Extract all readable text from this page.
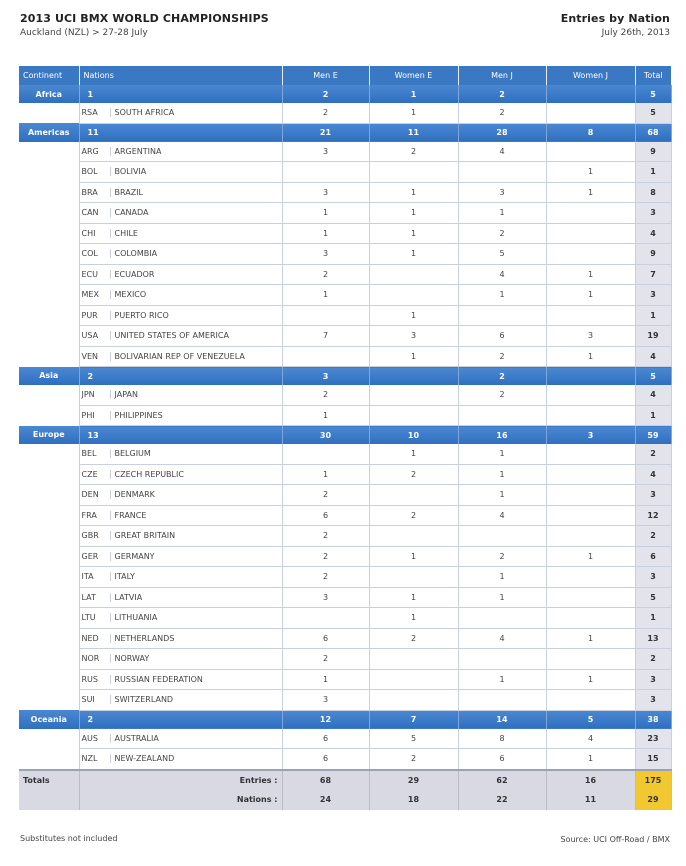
2013 UCI BMX WORLD CHAMPIONSHIPS
Auckland (NZL) > 27-28 July
Entries by Nation
July 26th, 2013
Continent	Nations	Men E	Women E	Men J	Women J	Total
Africa	1	2	1	2		5
	RSA SOUTH AFRICA	2	1	2		5
Americas	11	21	11	28	8	68
	ARG ARGENTINA	3	2	4		9
	BOL BOLIVIA				1	1
	BRA BRAZIL	3	1	3	1	8
	CAN CANADA	1	1	1		3
	CHI CHILE	1	1	2		4
	COL COLOMBIA	3	1	5		9
	ECU ECUADOR	2		4	1	7
	MEX MEXICO	1		1	1	3
	PUR PUERTO RICO		1			1
	USA UNITED STATES OF AMERICA	7	3	6	3	19
	VEN BOLIVARIAN REP OF VENEZUELA		1	2	1	4
Asia	2	3		2		5
	JPN JAPAN	2		2		4
	PHI PHILIPPINES	1				1
Europe	13	30	10	16	3	59
	BEL BELGIUM		1	1		2
	CZE CZECH REPUBLIC	1	2	1		4
	DEN DENMARK	2		1		3
	FRA FRANCE	6	2	4		12
	GBR GREAT BRITAIN	2				2
	GER GERMANY	2	1	2	1	6
	ITA ITALY	2		1		3
	LAT LATVIA	3	1	1		5
	LTU LITHUANIA		1			1
	NED NETHERLANDS	6	2	4	1	13
	NOR NORWAY	2				2
	RUS RUSSIAN FEDERATION	1		1	1	3
	SUI SWITZERLAND	3				3
Oceania	2	12	7	14	5	38
	AUS AUSTRALIA	6	5	8	4	23
	NZL NEW-ZEALAND	6	2	6	1	15
Totals	Entries :	68	29	62	16	175
	Nations :	24	18	22	11	29
Substitutes not included	Source: UCI Off-Road / BMX
